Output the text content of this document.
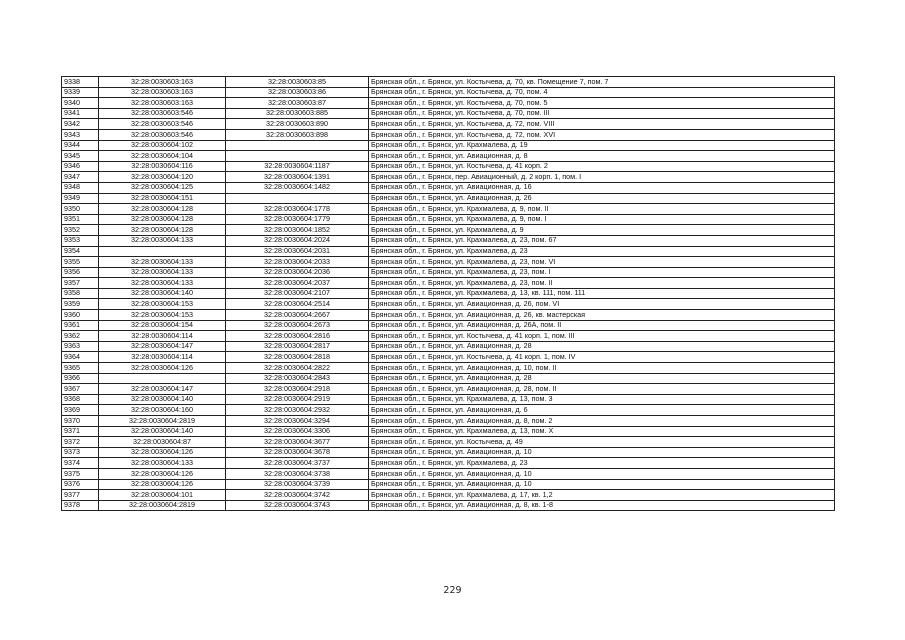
9338	32:28:0030603:163	32:28:0030603:85	Брянская обл., г. Брянск, ул. Костычева, д. 70, кв. Помещение 7, пом. 7
9339	32:28:0030603:163	32:28:0030603:86	Брянская обл., г. Брянск, ул. Костычева, д. 70, пом. 4
9340	32:28:0030603:163	32:28:0030603:87	Брянская обл., г. Брянск, ул. Костычева, д. 70, пом. 5
9341	32:28:0030603:546	32:28:0030603:885	Брянская обл., г. Брянск, ул. Костычева, д. 70, пом. III
9342	32:28:0030603:546	32:28:0030603:890	Брянская обл., г. Брянск, ул. Костычева, д. 72, пом. VIII
9343	32:28:0030603:546	32:28:0030603:898	Брянская обл., г. Брянск, ул. Костычева, д. 72, пом. XVI
9344	32:28:0030604:102		Брянская обл., г. Брянск, ул. Крахмалева, д. 19
9345	32:28:0030604:104		Брянская обл., г. Брянск, ул. Авиационная, д. 8
9346	32:28:0030604:116	32:28:0030604:1187	Брянская обл., г. Брянск, ул. Костычева, д. 41 корп. 2
9347	32:28:0030604:120	32:28:0030604:1391	Брянская обл., г. Брянск, пер. Авиационный, д. 2 корп. 1, пом. I
9348	32:28:0030604:125	32:28:0030604:1482	Брянская обл., г. Брянск, ул. Авиационная, д. 16
9349	32:28:0030604:151		Брянская обл., г. Брянск, ул. Авиационная, д. 26
9350	32:28:0030604:128	32:28:0030604:1778	Брянская обл., г. Брянск, ул. Крахмалева, д. 9, пом. II
9351	32:28:0030604:128	32:28:0030604:1779	Брянская обл., г. Брянск, ул. Крахмалева, д. 9, пом. I
9352	32:28:0030604:128	32:28:0030604:1852	Брянская обл., г. Брянск, ул. Крахмалева, д. 9
9353	32:28:0030604:133	32:28:0030604:2024	Брянская обл., г. Брянск, ул. Крахмалева, д. 23, пом. 67
9354		32:28:0030604:2031	Брянская обл., г. Брянск, ул. Крахмалева, д. 23
9355	32:28:0030604:133	32:28:0030604:2033	Брянская обл., г. Брянск, ул. Крахмалева, д. 23, пом. VI
9356	32:28:0030604:133	32:28:0030604:2036	Брянская обл., г. Брянск, ул. Крахмалева, д. 23, пом. I
9357	32:28:0030604:133	32:28:0030604:2037	Брянская обл., г. Брянск, ул. Крахмалева, д. 23, пом. II
9358	32:28:0030604:140	32:28:0030604:2107	Брянская обл., г. Брянск, ул. Крахмалева, д. 13, кв. 111, пом. 111
9359	32:28:0030604:153	32:28:0030604:2514	Брянская обл., г. Брянск, ул. Авиационная, д. 26, пом. VI
9360	32:28:0030604:153	32:28:0030604:2667	Брянская обл., г. Брянск, ул. Авиационная, д. 26, кв. мастерская
9361	32:28:0030604:154	32:28:0030604:2673	Брянская обл., г. Брянск, ул. Авиационная, д. 26А, пом. II
9362	32:28:0030604:114	32:28:0030604:2816	Брянская обл., г. Брянск, ул. Костычева, д. 41 корп. 1, пом. III
9363	32:28:0030604:147	32:28:0030604:2817	Брянская обл., г. Брянск, ул. Авиационная, д. 28
9364	32:28:0030604:114	32:28:0030604:2818	Брянская обл., г. Брянск, ул. Костычева, д. 41 корп. 1, пом. IV
9365	32:28:0030604:126	32:28:0030604:2822	Брянская обл., г. Брянск, ул. Авиационная, д. 10, пом. II
9366		32:28:0030604:2843	Брянская обл., г. Брянск, ул. Авиационная, д. 28
9367	32:28:0030604:147	32:28:0030604:2918	Брянская обл., г. Брянск, ул. Авиационная, д. 28, пом. II
9368	32:28:0030604:140	32:28:0030604:2919	Брянская обл., г. Брянск, ул. Крахмалева, д. 13, пом. 3
9369	32:28:0030604:160	32:28:0030604:2932	Брянская обл., г. Брянск, ул. Авиационная, д. 6
9370	32:28:0030604:2819	32:28:0030604:3294	Брянская обл., г. Брянск, ул. Авиационная, д. 8, пом. 2
9371	32:28:0030604:140	32:28:0030604:3306	Брянская обл., г. Брянск, ул. Крахмалева, д. 13, пом. X
9372	32:28:0030604:87	32:28:0030604:3677	Брянская обл., г. Брянск, ул. Костычева, д. 49
9373	32:28:0030604:126	32:28:0030604:3678	Брянская обл., г. Брянск, ул. Авиационная, д. 10
9374	32:28:0030604:133	32:28:0030604:3737	Брянская обл., г. Брянск, ул. Крахмалева, д. 23
9375	32:28:0030604:126	32:28:0030604:3738	Брянская обл., г. Брянск, ул. Авиационная, д. 10
9376	32:28:0030604:126	32:28:0030604:3739	Брянская обл., г. Брянск, ул. Авиационная, д. 10
9377	32:28:0030604:101	32:28:0030604:3742	Брянская обл., г. Брянск, ул. Крахмалева, д. 17, кв. 1,2
9378	32:28:0030604:2819	32:28:0030604:3743	Брянская обл., г. Брянск, ул. Авиационная, д. 8, кв. 1-8
229
